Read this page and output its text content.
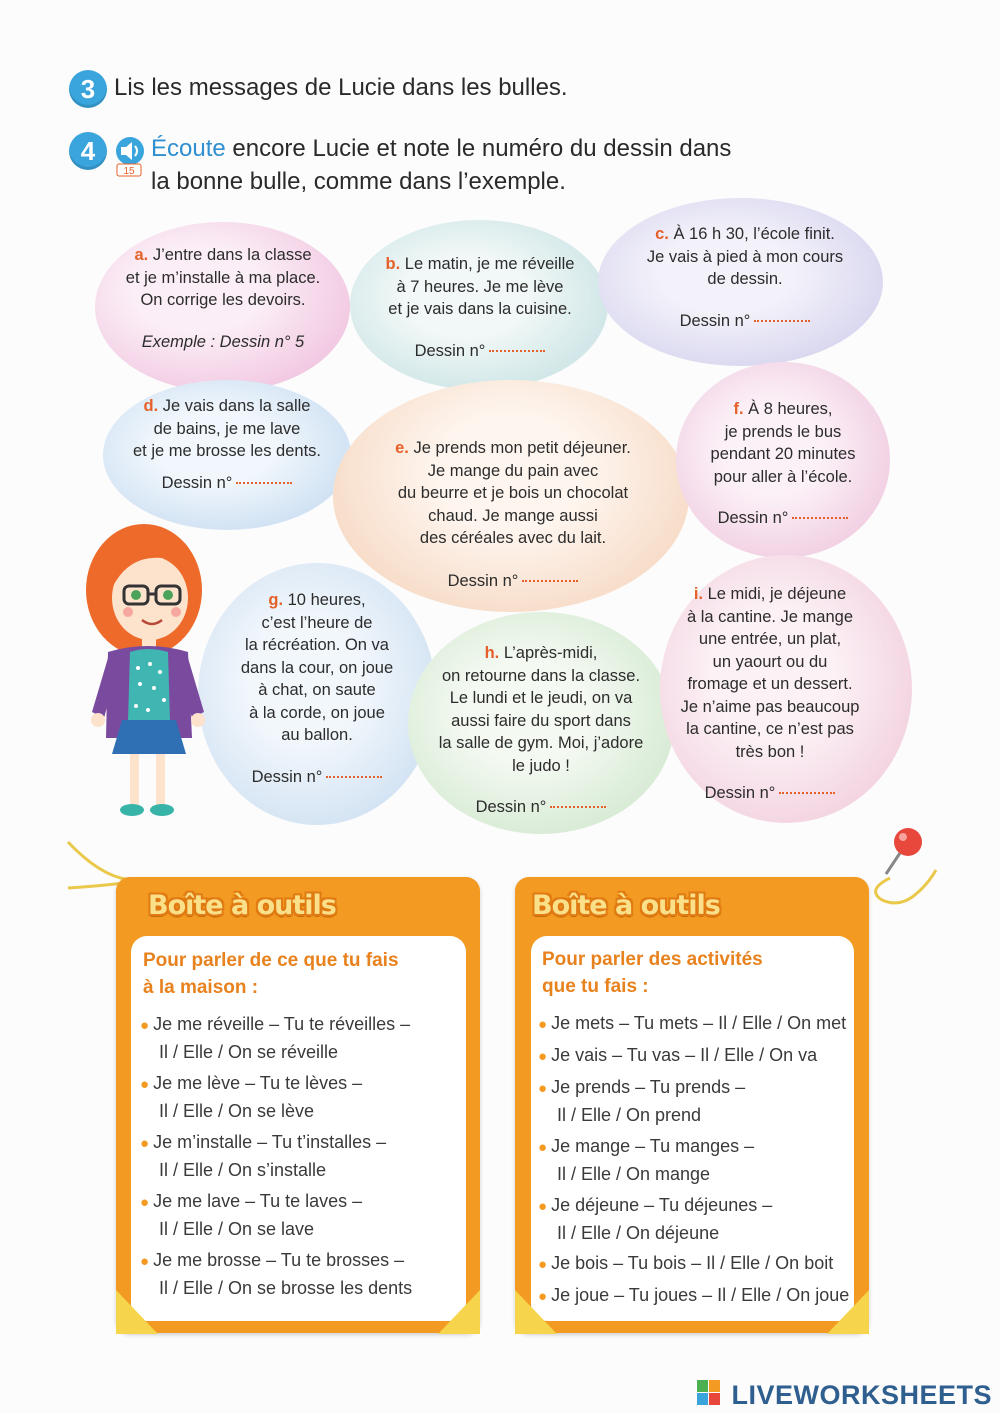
3 Lis les messages de Lucie dans les bulles.
4
15
Écoute encore Lucie et note le numéro du dessin dans
la bonne bulle, comme dans l’exemple.
a. J’entre dans la classe
et je m’installe à ma place.
On corrige les devoirs.
Exemple : Dessin n° 5
b. Le matin, je me réveille
à 7 heures. Je me lève
et je vais dans la cuisine.
Dessin n°
c. À 16 h 30, l’école finit.
Je vais à pied à mon cours
de dessin.
Dessin n°
d. Je vais dans la salle
de bains, je me lave
et je me brosse les dents.
Dessin n°
e. Je prends mon petit déjeuner.
Je mange du pain avec
du beurre et je bois un chocolat
chaud. Je mange aussi
des céréales avec du lait.
Dessin n°
f. À 8 heures,
je prends le bus
pendant 20 minutes
pour aller à l’école.
Dessin n°
g. 10 heures,
c’est l’heure de
la récréation. On va
dans la cour, on joue
à chat, on saute
à la corde, on joue
au ballon.
Dessin n°
h. L’après-midi,
on retourne dans la classe.
Le lundi et le jeudi, on va
aussi faire du sport dans
la salle de gym. Moi, j’adore
le judo !
Dessin n°
i. Le midi, je déjeune
à la cantine. Je mange
une entrée, un plat,
un yaourt ou du
fromage et un dessert.
Je n’aime pas beaucoup
la cantine, ce n’est pas
très bon !
Dessin n°
Boîte à outils
Pour parler de ce que tu fais
à la maison :
● Je me réveille – Tu te réveilles –
Il / Elle / On se réveille
● Je me lève – Tu te lèves –
Il / Elle / On se lève
● Je m’installe – Tu t’installes –
Il / Elle / On s’installe
● Je me lave – Tu te laves –
Il / Elle / On se lave
● Je me brosse – Tu te brosses –
Il / Elle / On se brosse les dents
Boîte à outils
Pour parler des activités
que tu fais :
● Je mets – Tu mets – Il / Elle / On met
● Je vais – Tu vas – Il / Elle / On va
● Je prends – Tu prends –
Il / Elle / On prend
● Je mange – Tu manges –
Il / Elle / On mange
● Je déjeune – Tu déjeunes –
Il / Elle / On déjeune
● Je bois – Tu bois – Il / Elle / On boit
● Je joue – Tu joues – Il / Elle / On joue
LIVEWORKSHEETS
